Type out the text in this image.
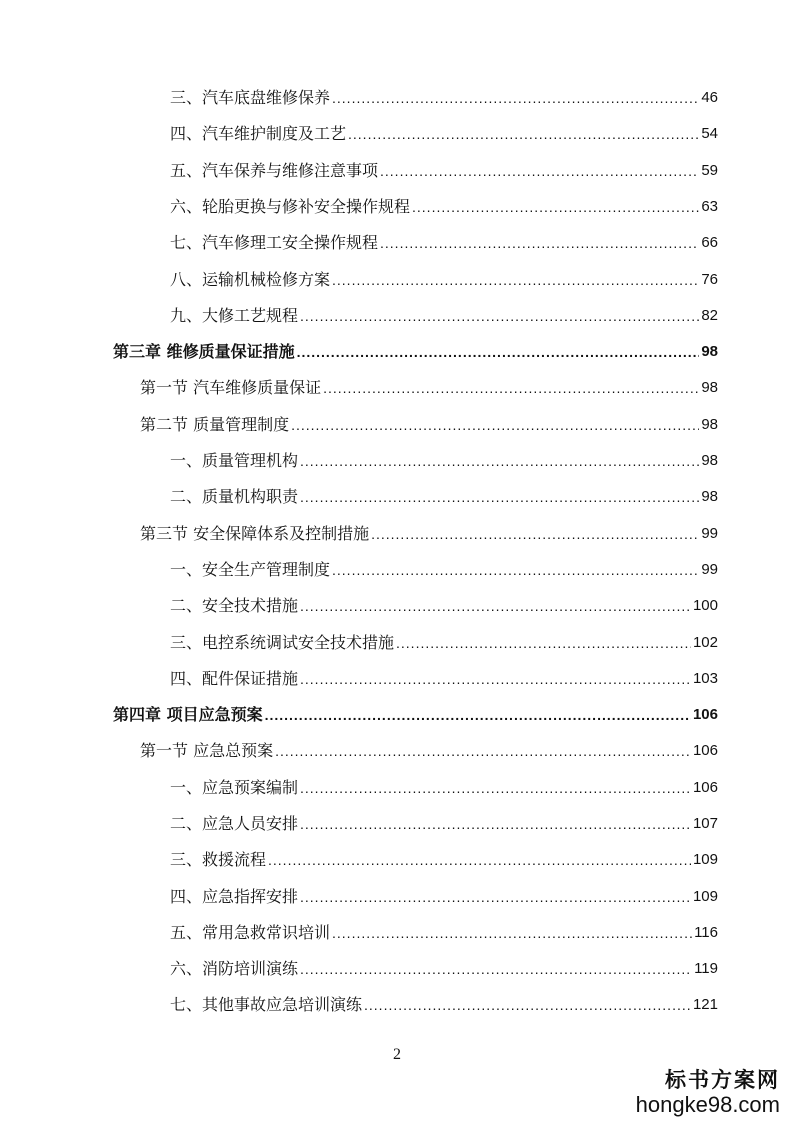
三、汽车底盘维修保养 .....	46
四、汽车维护制度及工艺 .....	54
五、汽车保养与维修注意事项 .....	59
六、轮胎更换与修补安全操作规程 .....	63
七、汽车修理工安全操作规程 .....	66
八、运输机械检修方案 .....	76
九、大修工艺规程 .....	82
第三章 维修质量保证措施 .....	98
第一节 汽车维修质量保证 .....	98
第二节 质量管理制度 .....	98
一、质量管理机构 .....	98
二、质量机构职责 .....	98
第三节 安全保障体系及控制措施 .....	99
一、安全生产管理制度 .....	99
二、安全技术措施 .....	100
三、电控系统调试安全技术措施 .....	102
四、配件保证措施 .....	103
第四章 项目应急预案 .....	106
第一节 应急总预案 .....	106
一、应急预案编制 .....	106
二、应急人员安排 .....	107
三、救援流程 .....	109
四、应急指挥安排 .....	109
五、常用急救常识培训 .....	116
六、消防培训演练 .....	119
七、其他事故应急培训演练 .....	121
2
标书方案网
hongke98.com
